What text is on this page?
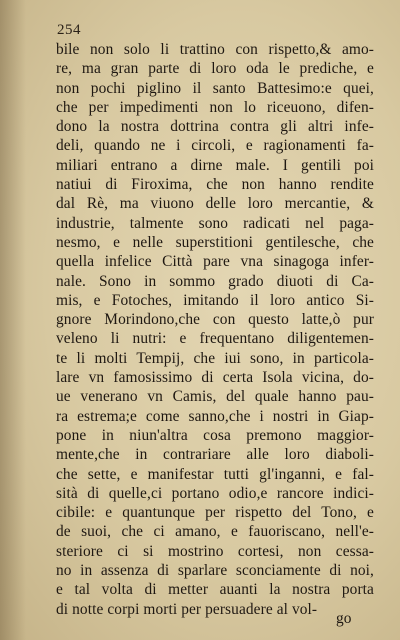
254
bile non solo li trattino con rispetto,& amo-
re, ma gran parte di loro oda le prediche, e
non pochi piglino il santo Battesimo:e quei,
che per impedimenti non lo riceuono, difen-
dono la nostra dottrina contra gli altri infe-
deli, quando ne i circoli, e ragionamenti fa-
miliari entrano a dirne male. I gentili poi
natiui di Firoxima, che non hanno rendite
dal Rè, ma viuono delle loro mercantie, &
industrie, talmente sono radicati nel paga-
nesmo, e nelle superstitioni gentilesche, che
quella infelice Città pare vna sinagoga infer-
nale. Sono in sommo grado diuoti di Ca-
mis, e Fotoches, imitando il loro antico Si-
gnore Morindono,che con questo latte,ò pur
veleno li nutri: e frequentano diligentemen-
te li molti Tempij, che iui sono, in particola-
lare vn famosissimo di certa Isola vicina, do-
ue venerano vn Camis, del quale hanno pau-
ra estrema;e come sanno,che i nostri in Giap-
pone in niun'altra cosa premono maggior-
mente,che in contrariare alle loro diaboli-
che sette, e manifestar tutti gl'inganni, e fal-
sità di quelle,ci portano odio,e rancore indici-
cibile: e quantunque per rispetto del Tono, e
de suoi, che ci amano, e fauoriscano, nell'e-
steriore ci si mostrino cortesi, non cessa-
no in assenza di sparlare sconciamente di noi,
e tal volta di metter auanti la nostra porta
di notte corpi morti per persuadere al vol-
go
